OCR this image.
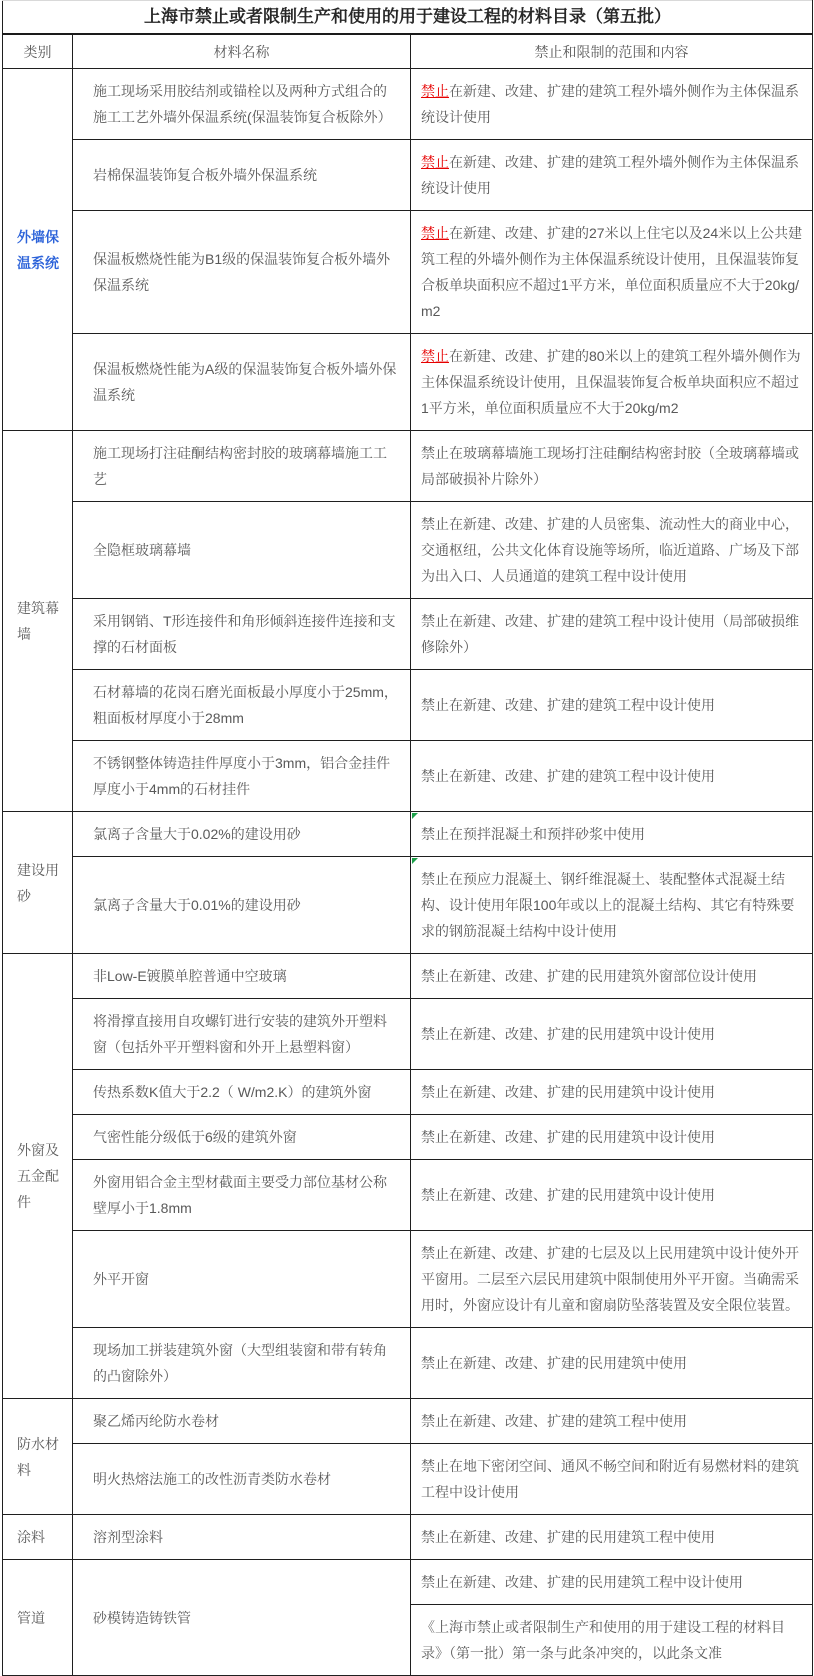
上海市禁止或者限制生产和使用的用于建设工程的材料目录（第五批）		
类别	材料名称	禁止和限制的范围和内容
外墙保温系统	施工现场采用胶结剂或锚栓以及两种方式组合的施工工艺外墙外保温系统(保温装饰复合板除外）	禁止在新建、改建、扩建的建筑工程外墙外侧作为主体保温系统设计使用
	岩棉保温装饰复合板外墙外保温系统	禁止在新建、改建、扩建的建筑工程外墙外侧作为主体保温系统设计使用
	保温板燃烧性能为B1级的保温装饰复合板外墙外保温系统	禁止在新建、改建、扩建的27米以上住宅以及24米以上公共建筑工程的外墙外侧作为主体保温系统设计使用，且保温装饰复合板单块面积应不超过1平方米，单位面积质量应不大于20kg/m2
	保温板燃烧性能为A级的保温装饰复合板外墙外保温系统	禁止在新建、改建、扩建的80米以上的建筑工程外墙外侧作为主体保温系统设计使用，且保温装饰复合板单块面积应不超过1平方米，单位面积质量应不大于20kg/m2
建筑幕墙	施工现场打注硅酮结构密封胶的玻璃幕墙施工工艺	禁止在玻璃幕墙施工现场打注硅酮结构密封胶（全玻璃幕墙或局部破损补片除外）
	全隐框玻璃幕墙	禁止在新建、改建、扩建的人员密集、流动性大的商业中心，交通枢纽，公共文化体育设施等场所，临近道路、广场及下部为出入口、人员通道的建筑工程中设计使用
	采用钢销、T形连接件和角形倾斜连接件连接和支撑的石材面板	禁止在新建、改建、扩建的建筑工程中设计使用（局部破损维修除外）
	石材幕墙的花岗石磨光面板最小厚度小于25mm，粗面板材厚度小于28mm	禁止在新建、改建、扩建的建筑工程中设计使用
	不锈钢整体铸造挂件厚度小于3mm，铝合金挂件厚度小于4mm的石材挂件	禁止在新建、改建、扩建的建筑工程中设计使用
建设用砂	氯离子含量大于0.02%的建设用砂	禁止在预拌混凝土和预拌砂浆中使用
	氯离子含量大于0.01%的建设用砂	禁止在预应力混凝土、钢纤维混凝土、装配整体式混凝土结构、设计使用年限100年或以上的混凝土结构、其它有特殊要求的钢筋混凝土结构中设计使用
外窗及五金配件	非Low-E镀膜单腔普通中空玻璃	禁止在新建、改建、扩建的民用建筑外窗部位设计使用
	将滑撑直接用自攻螺钉进行安装的建筑外开塑料窗（包括外平开塑料窗和外开上悬塑料窗）	禁止在新建、改建、扩建的民用建筑中设计使用
	传热系数K值大于2.2（ W/m2.K）的建筑外窗	禁止在新建、改建、扩建的民用建筑中设计使用
	气密性能分级低于6级的建筑外窗	禁止在新建、改建、扩建的民用建筑中设计使用
	外窗用铝合金主型材截面主要受力部位基材公称壁厚小于1.8mm	禁止在新建、改建、扩建的民用建筑中设计使用
	外平开窗	禁止在新建、改建、扩建的七层及以上民用建筑中设计使外开平窗用。二层至六层民用建筑中限制使用外平开窗。当确需采用时，外窗应设计有儿童和窗扇防坠落装置及安全限位装置。
	现场加工拼装建筑外窗（大型组装窗和带有转角的凸窗除外）	禁止在新建、改建、扩建的民用建筑中使用
防水材料	聚乙烯丙纶防水卷材	禁止在新建、改建、扩建的建筑工程中使用
	明火热熔法施工的改性沥青类防水卷材	禁止在地下密闭空间、通风不畅空间和附近有易燃材料的建筑工程中设计使用
涂料	溶剂型涂料	禁止在新建、改建、扩建的民用建筑工程中使用
管道	砂模铸造铸铁管	禁止在新建、改建、扩建的民用建筑工程中设计使用
		《上海市禁止或者限制生产和使用的用于建设工程的材料目录》（第一批）第一条与此条冲突的，以此条文准
